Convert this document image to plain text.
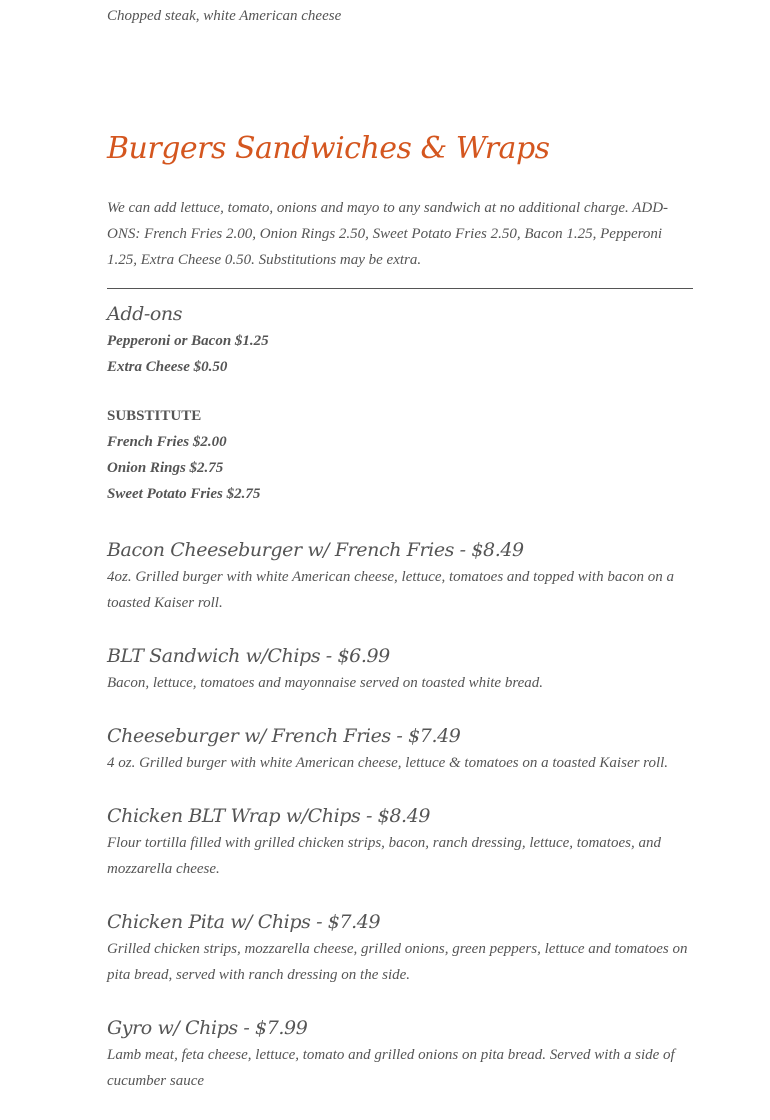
Chopped steak, white American cheese
Burgers Sandwiches & Wraps
We can add lettuce, tomato, onions and mayo to any sandwich at no additional charge. ADD-ONS: French Fries 2.00, Onion Rings 2.50, Sweet Potato Fries 2.50, Bacon 1.25, Pepperoni 1.25, Extra Cheese 0.50. Substitutions may be extra.
Add-ons
Pepperoni or Bacon $1.25
Extra Cheese $0.50
SUBSTITUTE
French Fries $2.00
Onion Rings $2.75
Sweet Potato Fries $2.75
Bacon Cheeseburger w/ French Fries - $8.49
4oz. Grilled burger with white American cheese, lettuce, tomatoes and topped with bacon on a toasted Kaiser roll.
BLT Sandwich w/Chips - $6.99
Bacon, lettuce, tomatoes and mayonnaise served on toasted white bread.
Cheeseburger w/ French Fries - $7.49
4 oz. Grilled burger with white American cheese, lettuce & tomatoes on a toasted Kaiser roll.
Chicken BLT Wrap w/Chips - $8.49
Flour tortilla filled with grilled chicken strips, bacon, ranch dressing, lettuce, tomatoes, and mozzarella cheese.
Chicken Pita w/ Chips - $7.49
Grilled chicken strips, mozzarella cheese, grilled onions, green peppers, lettuce and tomatoes on pita bread, served with ranch dressing on the side.
Gyro w/ Chips - $7.99
Lamb meat, feta cheese, lettuce, tomato and grilled onions on pita bread. Served with a side of cucumber sauce
